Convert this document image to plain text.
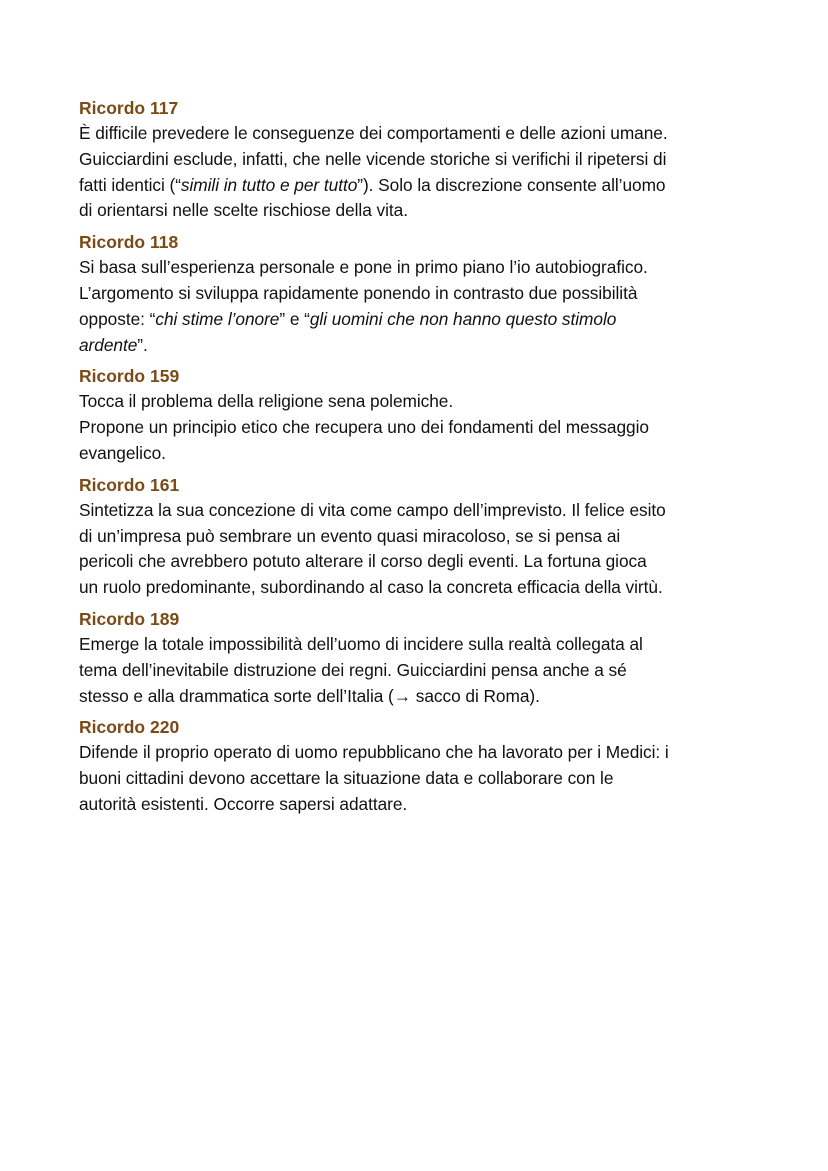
Ricordo 117

È difficile prevedere le conseguenze dei comportamenti e delle azioni umane.
Guicciardini esclude, infatti, che nelle vicende storiche si verifichi il ripetersi di
fatti identici (“simili in tutto e per tutto”). Solo la discrezione consente all’uomo
di orientarsi nelle scelte rischiose della vita.

Ricordo 118

Si basa sull’esperienza personale e pone in primo piano l’io autobiografico.
L’argomento si sviluppa rapidamente ponendo in contrasto due possibilità
opposte: “chi stime l’onore” e “gli uomini che non hanno questo stimolo
ardente”.

Ricordo 159

Tocca il problema della religione sena polemiche.
Propone un principio etico che recupera uno dei fondamenti del messaggio
evangelico.

Ricordo 161

Sintetizza la sua concezione di vita come campo dell’imprevisto. Il felice esito
di un’impresa può sembrare un evento quasi miracoloso, se si pensa ai
pericoli che avrebbero potuto alterare il corso degli eventi. La fortuna gioca
un ruolo predominante, subordinando al caso la concreta efficacia della virtù.

Ricordo 189

Emerge la totale impossibilità dell’uomo di incidere sulla realtà collegata al
tema dell’inevitabile distruzione dei regni. Guicciardini pensa anche a sé
stesso e alla drammatica sorte dell’Italia (→ sacco di Roma).

Ricordo 220

Difende il proprio operato di uomo repubblicano che ha lavorato per i Medici: i
buoni cittadini devono accettare la situazione data e collaborare con le
autorità esistenti. Occorre sapersi adattare.
